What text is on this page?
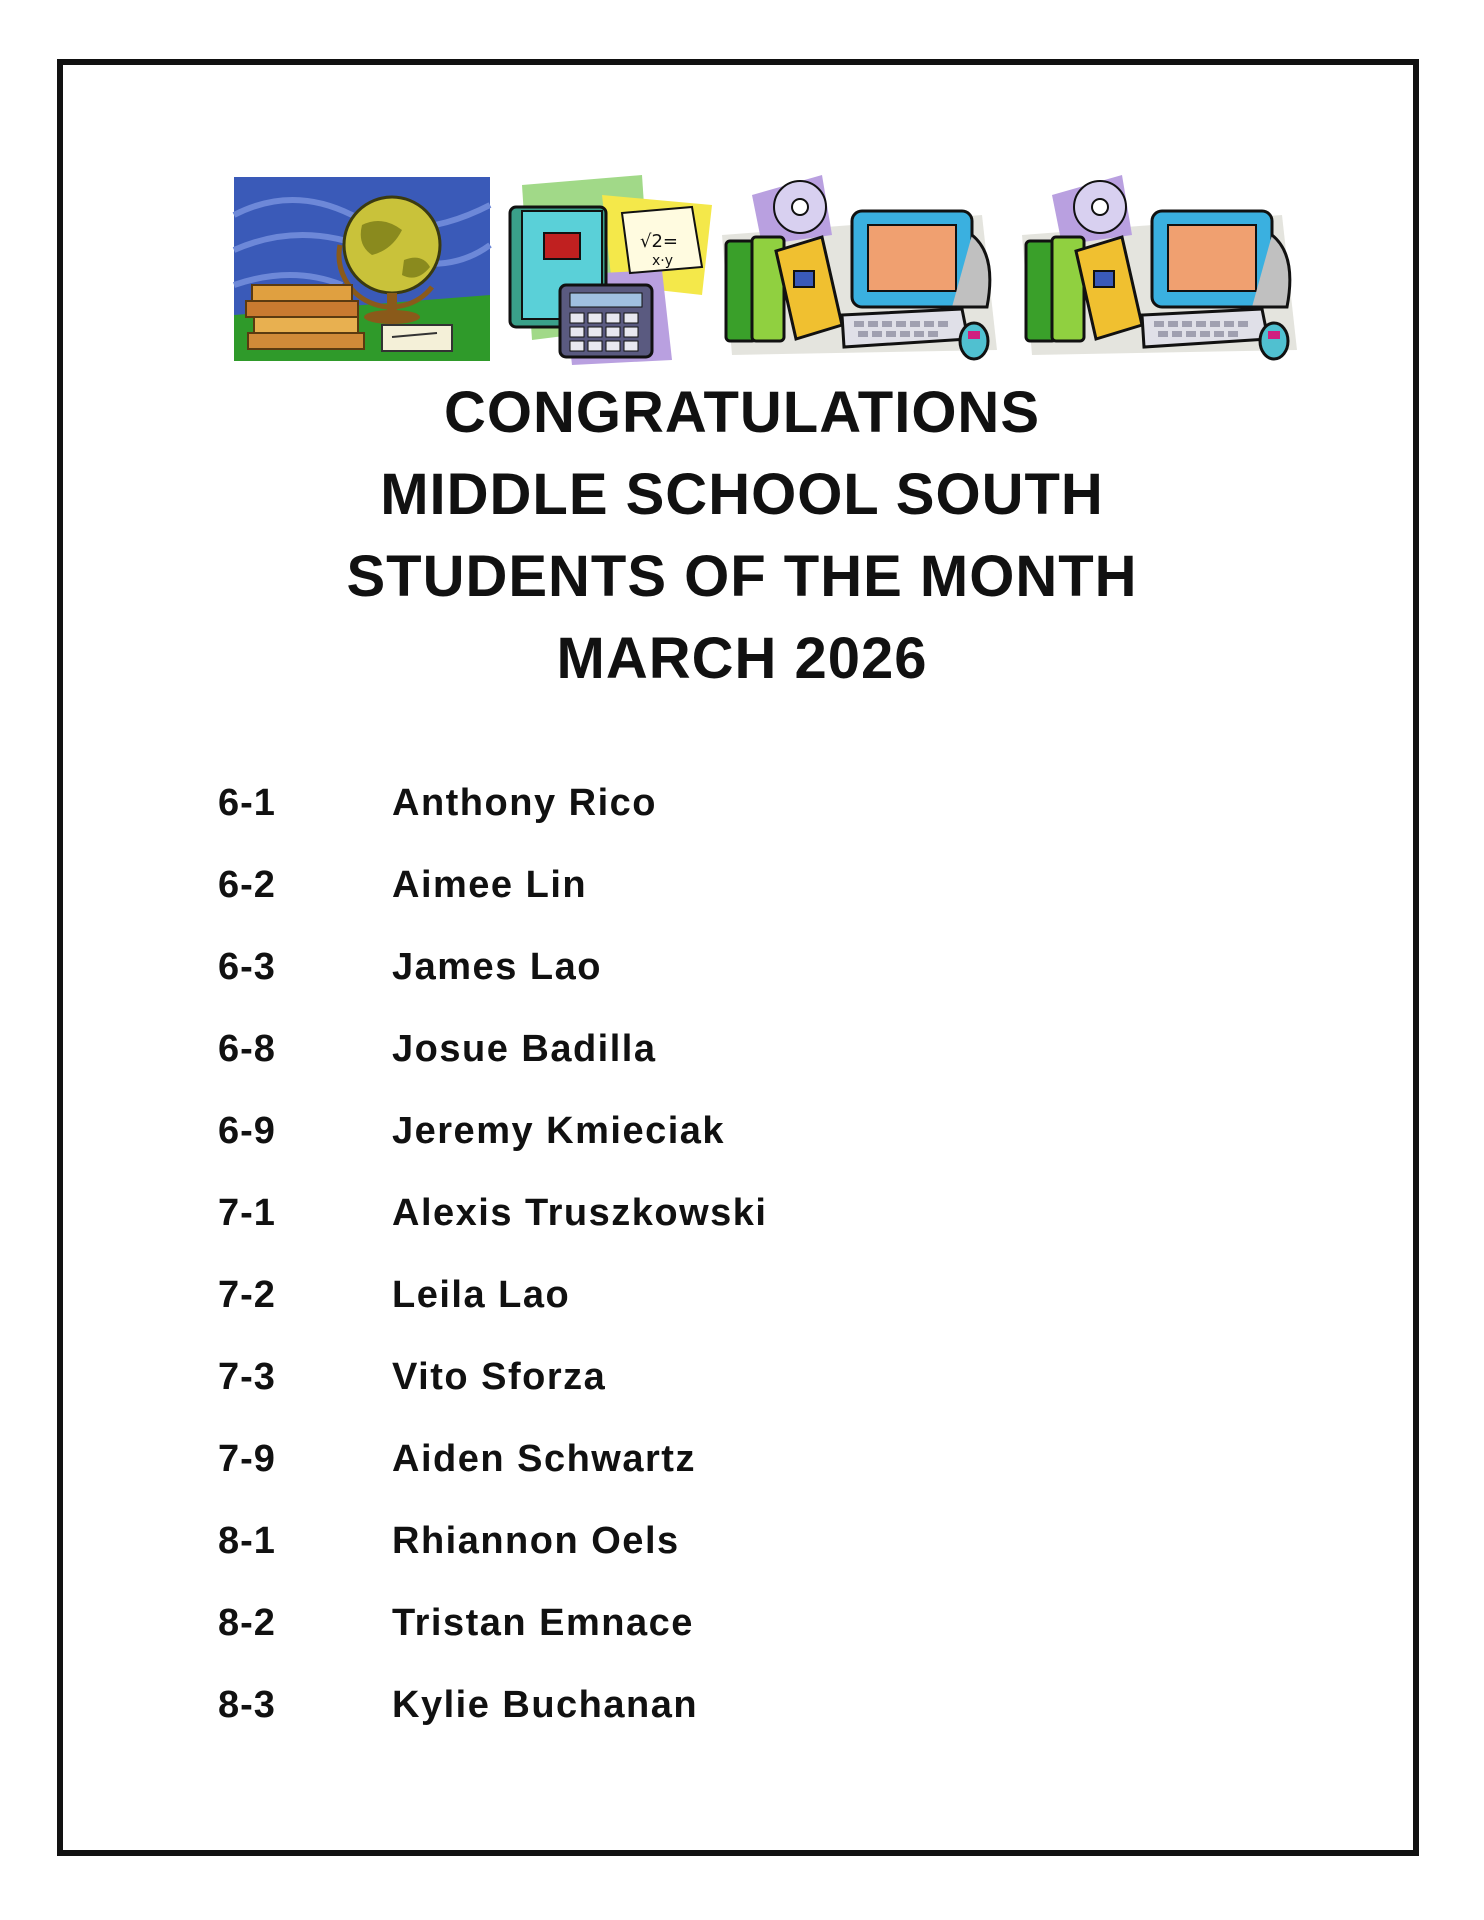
√2=
x·y
CONGRATULATIONS
MIDDLE SCHOOL SOUTH
STUDENTS OF THE MONTH
MARCH 2026
6-1	Anthony Rico
6-2	Aimee Lin
6-3	James Lao
6-8	Josue Badilla
6-9	Jeremy Kmieciak
7-1	Alexis Truszkowski
7-2	Leila Lao
7-3	Vito Sforza
7-9	Aiden Schwartz
8-1	Rhiannon Oels
8-2	Tristan Emnace
8-3	Kylie Buchanan
